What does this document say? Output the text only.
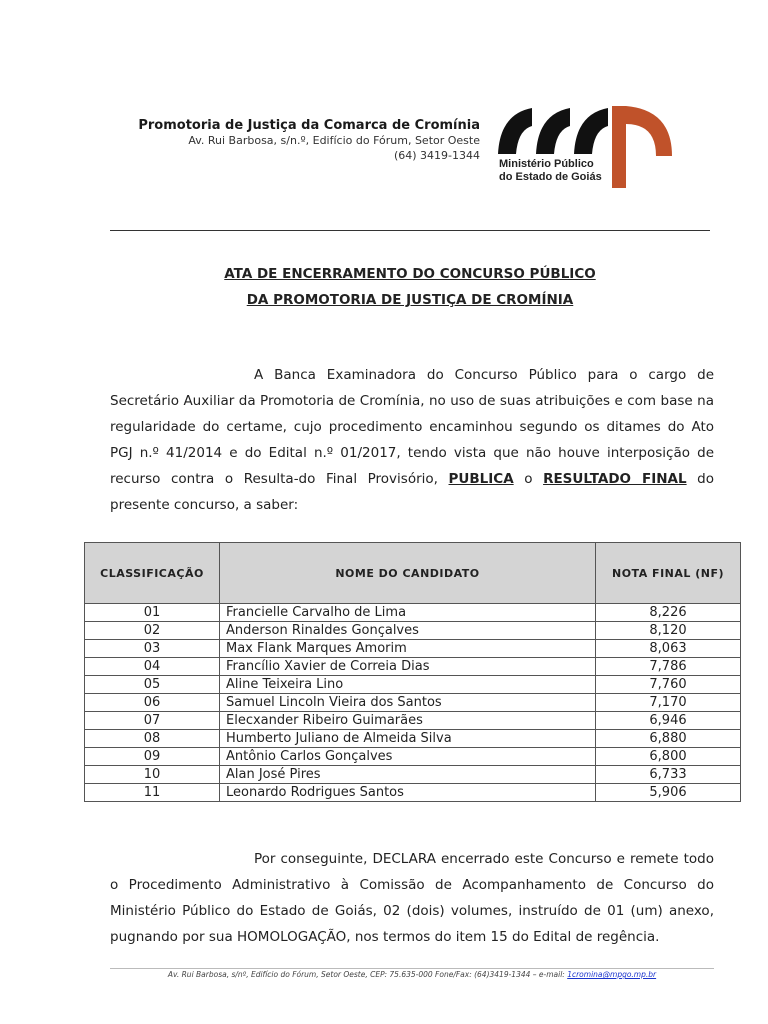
Promotoria de Justiça da Comarca de Cromínia
Av. Rui Barbosa, s/n.º, Edifício do Fórum, Setor Oeste
(64) 3419-1344
Ministério Público
do Estado de Goiás
ATA DE ENCERRAMENTO DO CONCURSO PÚBLICO
DA PROMOTORIA DE JUSTIÇA DE CROMÍNIA
A Banca Examinadora do Concurso Público para o cargo de Secretário Auxiliar da Promotoria de Cromínia, no uso de suas atribuições e com base na regularidade do certame, cujo procedimento encaminhou segundo os ditames do Ato PGJ n.º 41/2014 e do Edital n.º 01/2017, tendo vista que não houve interposição de recurso contra o Resulta-do Final Provisório, PUBLICA o RESULTADO FINAL do presente concurso, a saber:
CLASSIFICAÇÃO	NOME DO CANDIDATO	NOTA FINAL (NF)
01	Francielle Carvalho de Lima	8,226
02	Anderson Rinaldes Gonçalves	8,120
03	Max Flank Marques Amorim	8,063
04	Francílio Xavier de Correia Dias	7,786
05	Aline Teixeira Lino	7,760
06	Samuel Lincoln Vieira dos Santos	7,170
07	Elecxander Ribeiro Guimarães	6,946
08	Humberto Juliano de Almeida Silva	6,880
09	Antônio Carlos Gonçalves	6,800
10	Alan José Pires	6,733
11	Leonardo Rodrigues Santos	5,906
Por conseguinte, DECLARA encerrado este Concurso e remete todo o Procedimento Administrativo à Comissão de Acompanhamento de Concurso do Ministério Público do Estado de Goiás, 02 (dois) volumes, instruído de 01 (um) anexo, pugnando por sua HOMOLOGAÇÃO, nos termos do item 15 do Edital de regência.
Av. Rui Barbosa, s/nº, Edifício do Fórum, Setor Oeste, CEP: 75.635-000 Fone/Fax: (64)3419-1344 – e-mail: 1cromina@mpgo.mp.br
